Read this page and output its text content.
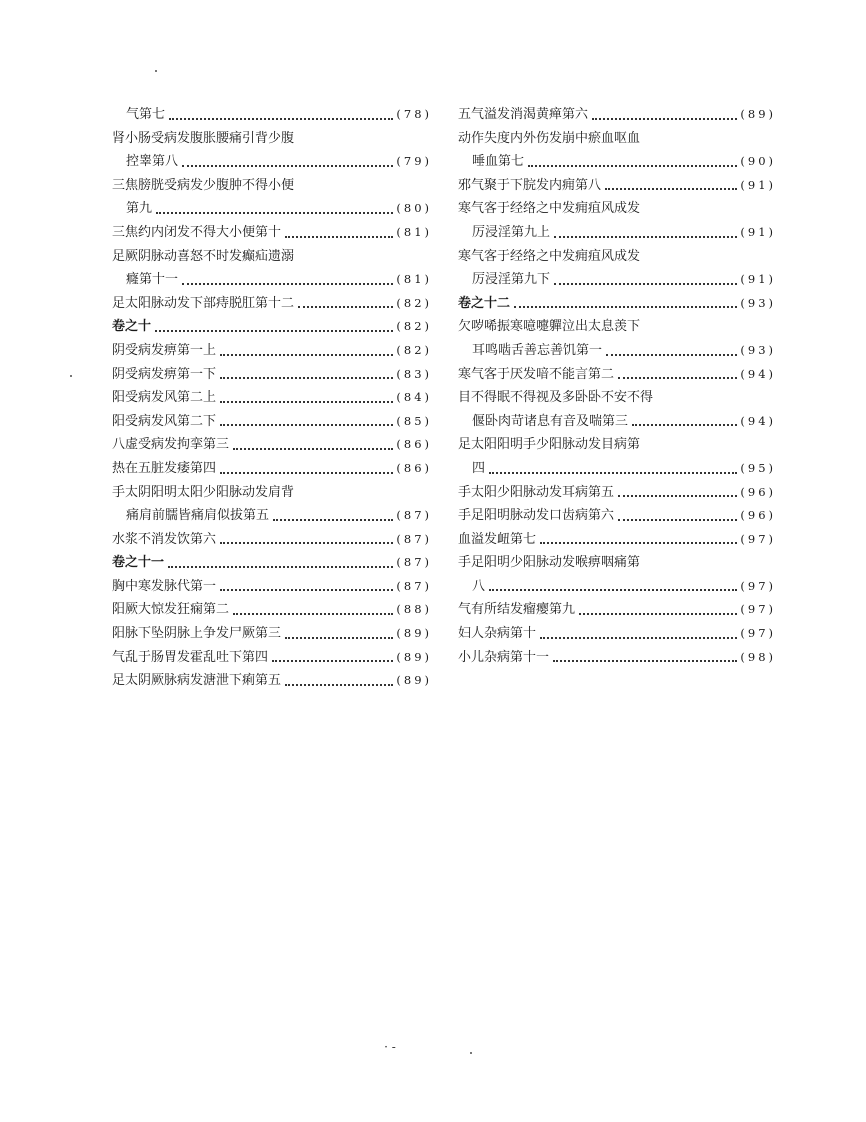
气第七	(78)
肾小肠受病发腹胀腰痛引背少腹
控睾第八	(79)
三焦膀胱受病发少腹肿不得小便
第九	(80)
三焦约内闭发不得大小便第十	(81)
足厥阴脉动喜怒不时发癫疝遗溺
癃第十一	(81)
足太阳脉动发下部痔脱肛第十二	(82)
卷之十	(82)
阴受病发痹第一上	(82)
阴受病发痹第一下	(83)
阳受病发风第二上	(84)
阳受病发风第二下	(85)
八虚受病发拘挛第三	(86)
热在五脏发痿第四	(86)
手太阴阳明太阳少阳脉动发肩背
痛肩前臑皆痛肩似拔第五	(87)
水浆不消发饮第六	(87)
卷之十一	(87)
胸中寒发脉代第一	(87)
阳厥大惊发狂痫第二	(88)
阳脉下坠阴脉上争发尸厥第三	(89)
气乱于肠胃发霍乱吐下第四	(89)
足太阴厥脉病发溏泄下痢第五	(89)
五气溢发消渴黄瘅第六	(89)
动作失度内外伤发崩中瘀血呕血
唾血第七	(90)
邪气聚于下脘发内痈第八	(91)
寒气客于经络之中发痈疽风成发
厉浸淫第九上	(91)
寒气客于经络之中发痈疽风成发
厉浸淫第九下	(91)
卷之十二	(93)
欠哕唏振寒噫嚏軃泣出太息羡下
耳鸣啮舌善忘善饥第一	(93)
寒气客于厌发喑不能言第二	(94)
目不得眠不得视及多卧卧不安不得
偃卧肉苛诸息有音及喘第三	(94)
足太阳阳明手少阳脉动发目病第
四	(95)
手太阳少阳脉动发耳病第五	(96)
手足阳明脉动发口齿病第六	(96)
血溢发衄第七	(97)
手足阳明少阳脉动发喉痹咽痛第
八	(97)
气有所结发瘤瘿第九	(97)
妇人杂病第十	(97)
小儿杂病第十一	(98)
· -
